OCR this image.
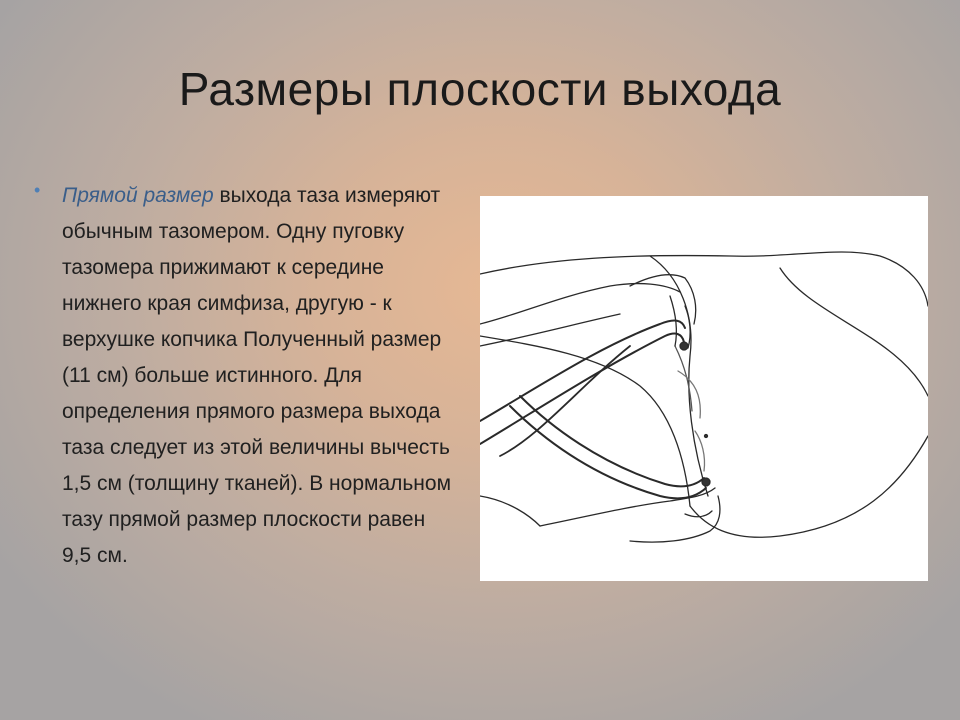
Размеры плоскости выхода
• Прямой размер выхода таза измеряют обычным тазомером. Одну пуговку тазомера прижимают к середине нижнего края симфиза, другую - к верхушке копчика Полученный размер (11 см) больше истинного. Для определения прямого размера выхода таза следует из этой величины вычесть 1,5 см (толщину тканей). В нормальном тазу прямой размер плоскости равен 9,5 см.
